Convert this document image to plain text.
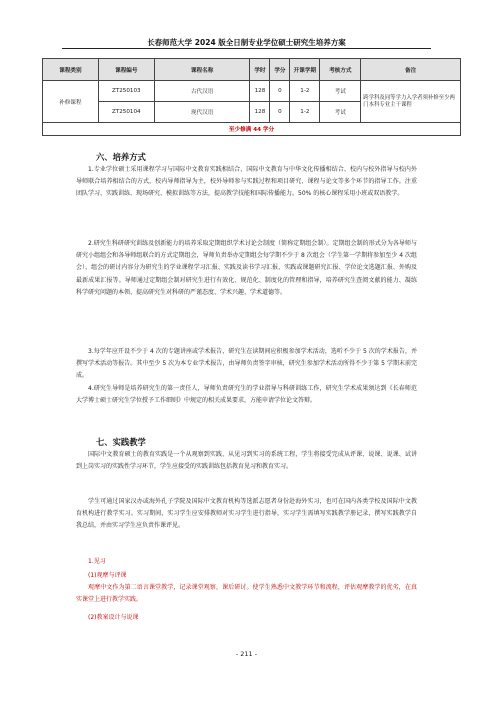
长春师范大学 2024 版全日制专业学位硕士研究生培养方案
课程类别	课程编号	课程名称	学时	学分	开课学期	考核方式	备注
补修课程	ZT250103	古代汉语	128	0	1-2	考试	跨学科及同等学力入学者须补修至少两门本科专业主干课程
	ZT250104	现代汉语	128	0	1-2	考试	
至少修满 44 学分							
六、培养方式
1.专业学位硕士采用课程学习与国际中文教育实践相结合、国际中文教育与中华文化传播相结合、校内与校外指导与校内外导师联合培养相结合的方式，校内导师指导为主，校外导师参与实践过程和项目研究、课程与论文等多个环节的指导工作。注重团队学习、实践训练、现场研究、模拟训练等方法，提高教学技能和国际传播能力。50% 的核心课程采用小班或双语教学。
2.研究生科研研究训练及创新能力的培养采取定期组织学术讨论会制度（简称定期组会制）。定期组会制的形式分为各导师与研究小组组会和各导师组联合的方式定期组会，导师负责举办定期组会每学期不少于 8 次组会（学生第一学期将参加至少 4 次组会），组会的研讨内容分为研究生的学业课程学习汇报、实践及读书学习汇报、实践或课题研究汇报、学位论文选题汇报、外购及最新成果汇报等。导师通过定期组会制对研究生进行有效化、规范化、制度化的管理和指导，培养研究生查阅文献的能力、凝练科学研究问题的本领、提高研究生对科研的严谨态度、学术兴趣、学术道德等。
3.每学年应开设不少于 4 次的专题讲座或学术报告，研究生在读期间应积极参加学术活动，选听不少于 5 次的学术报告，并撰写学术活动等报告。其中至少 5 次为本专业学术报告，由导师负责签字审核，研究生参加学术活动所得不少于第 5 学期末前完成。
4.研究生导师是培养研究生的第一责任人，导师负责研究生的学业指导与科研训练工作，研究生学术成果须达到《长春师范大学博士硕士研究生学位授予工作细则》中规定的相关成果要求，方能申请学位论文答辩。
七、实践教学
国际中文教育硕士的教育实践是一个从观察到实践、从见习到实习的系统工程，学生将接受完成从评课、说课、说课、试讲到上岗实习的实践性学习环节，学生应接受的实践训练包括教育见习和教育实习。
学生可通过国家汉办或海外孔子学院及国际中文教育机构等选派志愿者身份赴海外实习，也可在国内各类学校及国际中文教育机构进行教学实习。实习期间，实习学生应安排教师对实习学生进行指导，实习学生需填写实践教学册记录，撰写实践教学自我总结，并由实习学生应负责作课评见。
1.见习
(1)观摩与评课
观摩中文作为第二语言课堂教学，记录课堂观察，课后研讨。使学生熟悉中文教学环节和流程，评估观摩教学的优劣，在真实课堂上进行教学实践。
(2)教案设计与说课
- 211 -
